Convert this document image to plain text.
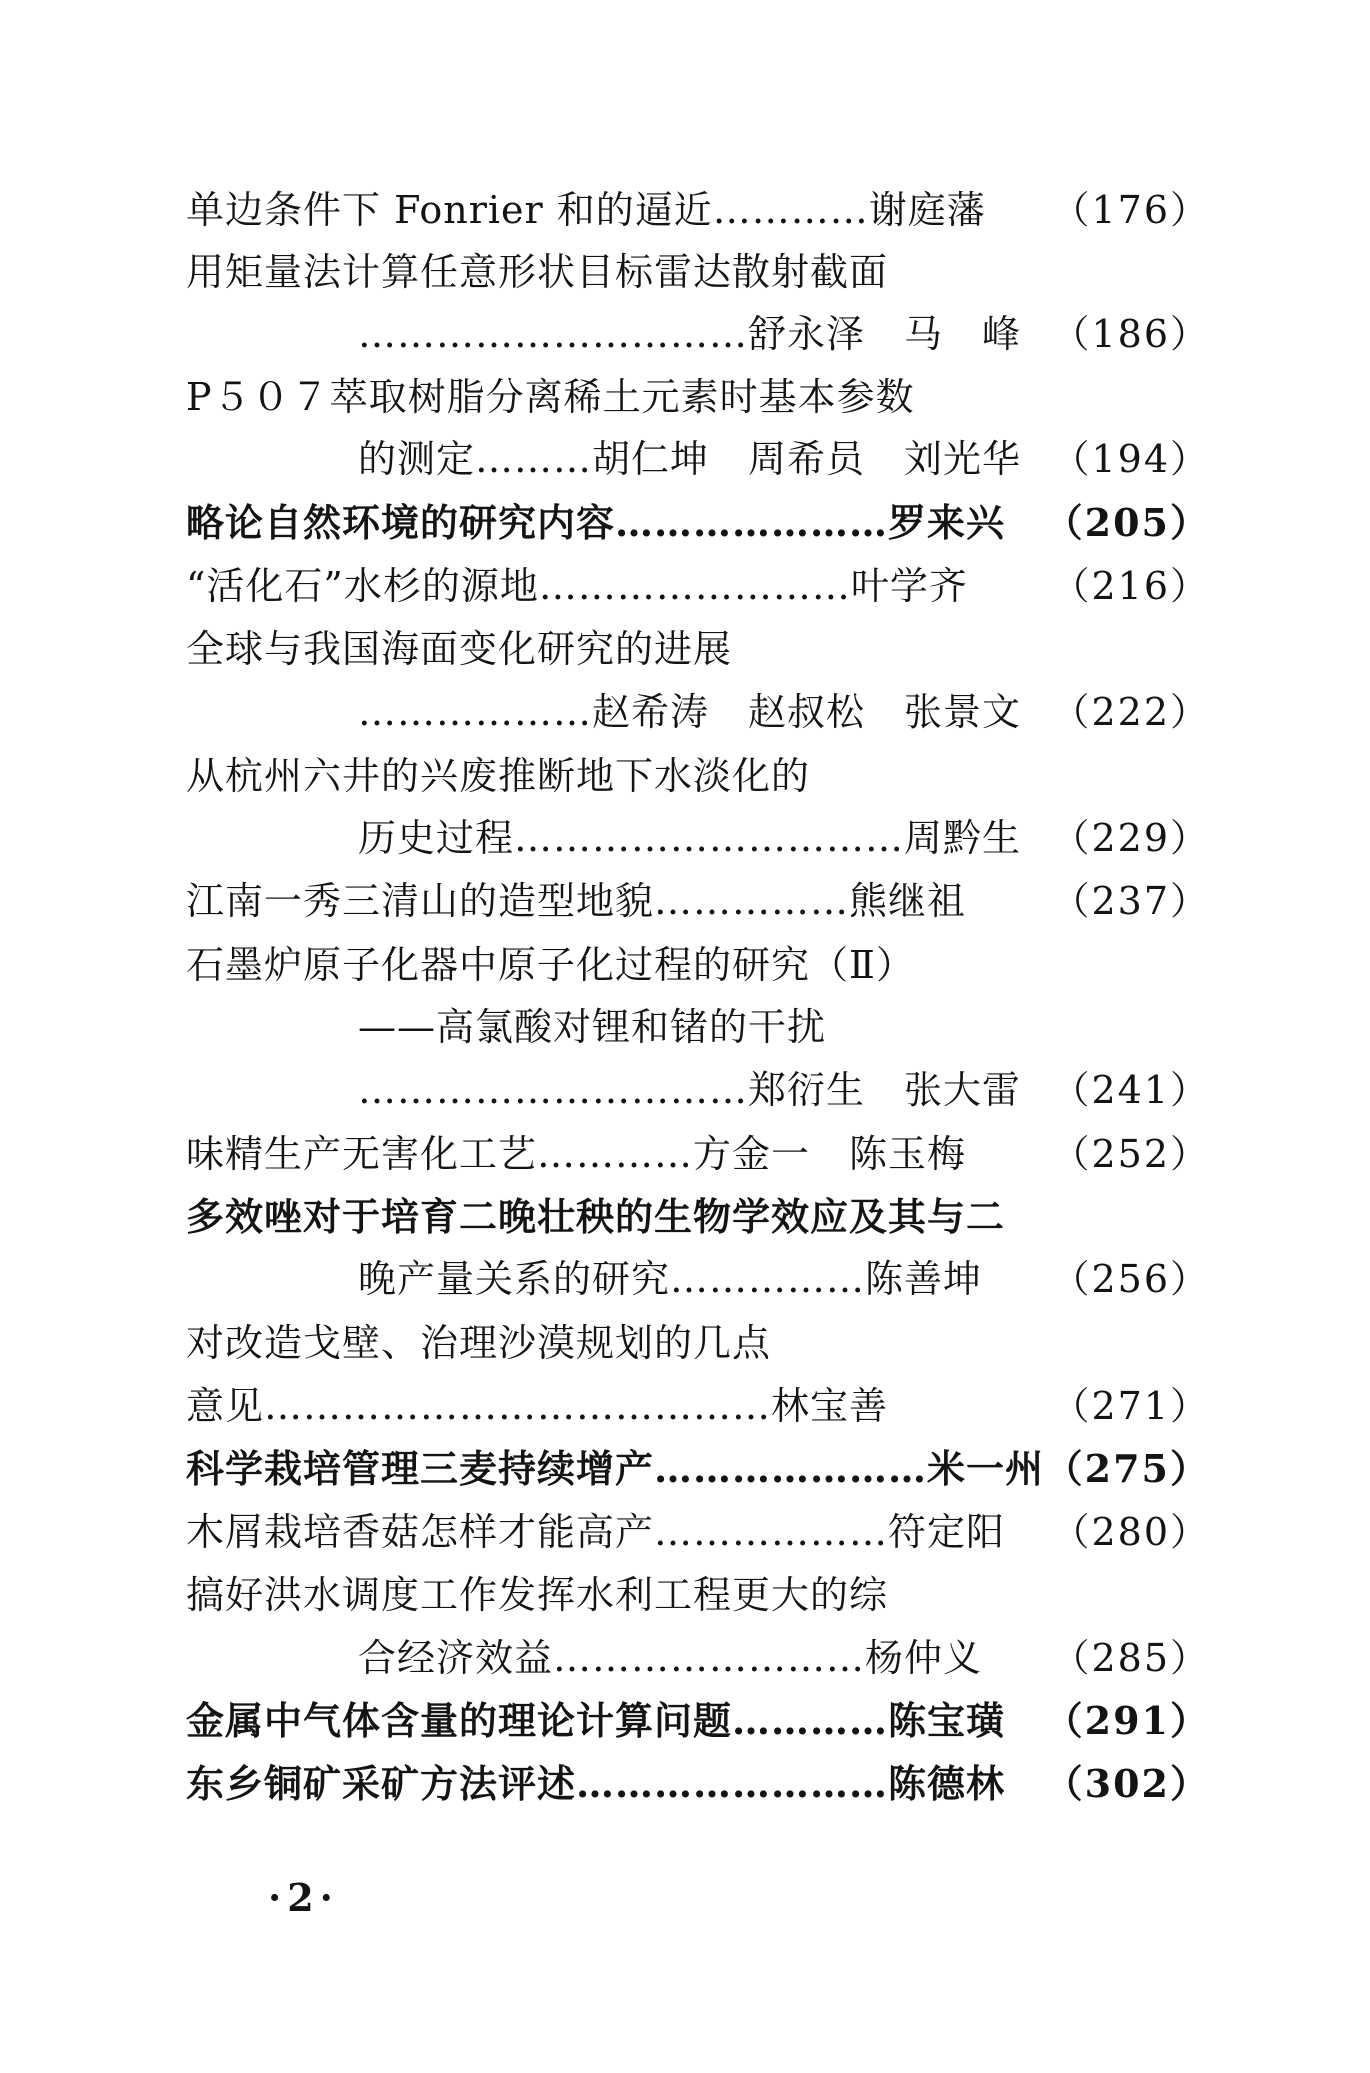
单边条件下 Fonrier 和的逼近…………谢庭藩 （176）
用矩量法计算任意形状目标雷达散射截面
…………………………舒永泽　马　峰 （186）
P５０７萃取树脂分离稀土元素时基本参数
的测定………胡仁坤　周希员　刘光华 （194）
略论自然环境的研究内容…………………罗来兴 （205）
“活化石”水杉的源地……………………叶学齐 （216）
全球与我国海面变化研究的进展
………………赵希涛　赵叔松　张景文 （222）
从杭州六井的兴废推断地下水淡化的
历史过程…………………………周黔生 （229）
江南一秀三清山的造型地貌……………熊继祖 （237）
石墨炉原子化器中原子化过程的研究（Ⅱ）
——高氯酸对锂和锗的干扰
…………………………郑衍生　张大雷 （241）
味精生产无害化工艺…………方金一　陈玉梅 （252）
多效唑对于培育二晚壮秧的生物学效应及其与二
晚产量关系的研究……………陈善坤 （256）
对改造戈壁、治理沙漠规划的几点
意见…………………………………林宝善	（271）
科学栽培管理三麦持续增产…………………米一州 （275）
木屑栽培香菇怎样才能高产………………符定阳 （280）
搞好洪水调度工作发挥水利工程更大的综
合经济效益……………………杨仲义 （285）
金属中气体含量的理论计算问题…………陈宝璜 （291）
东乡铜矿采矿方法评述……………………陈德林 （302）
·2·
